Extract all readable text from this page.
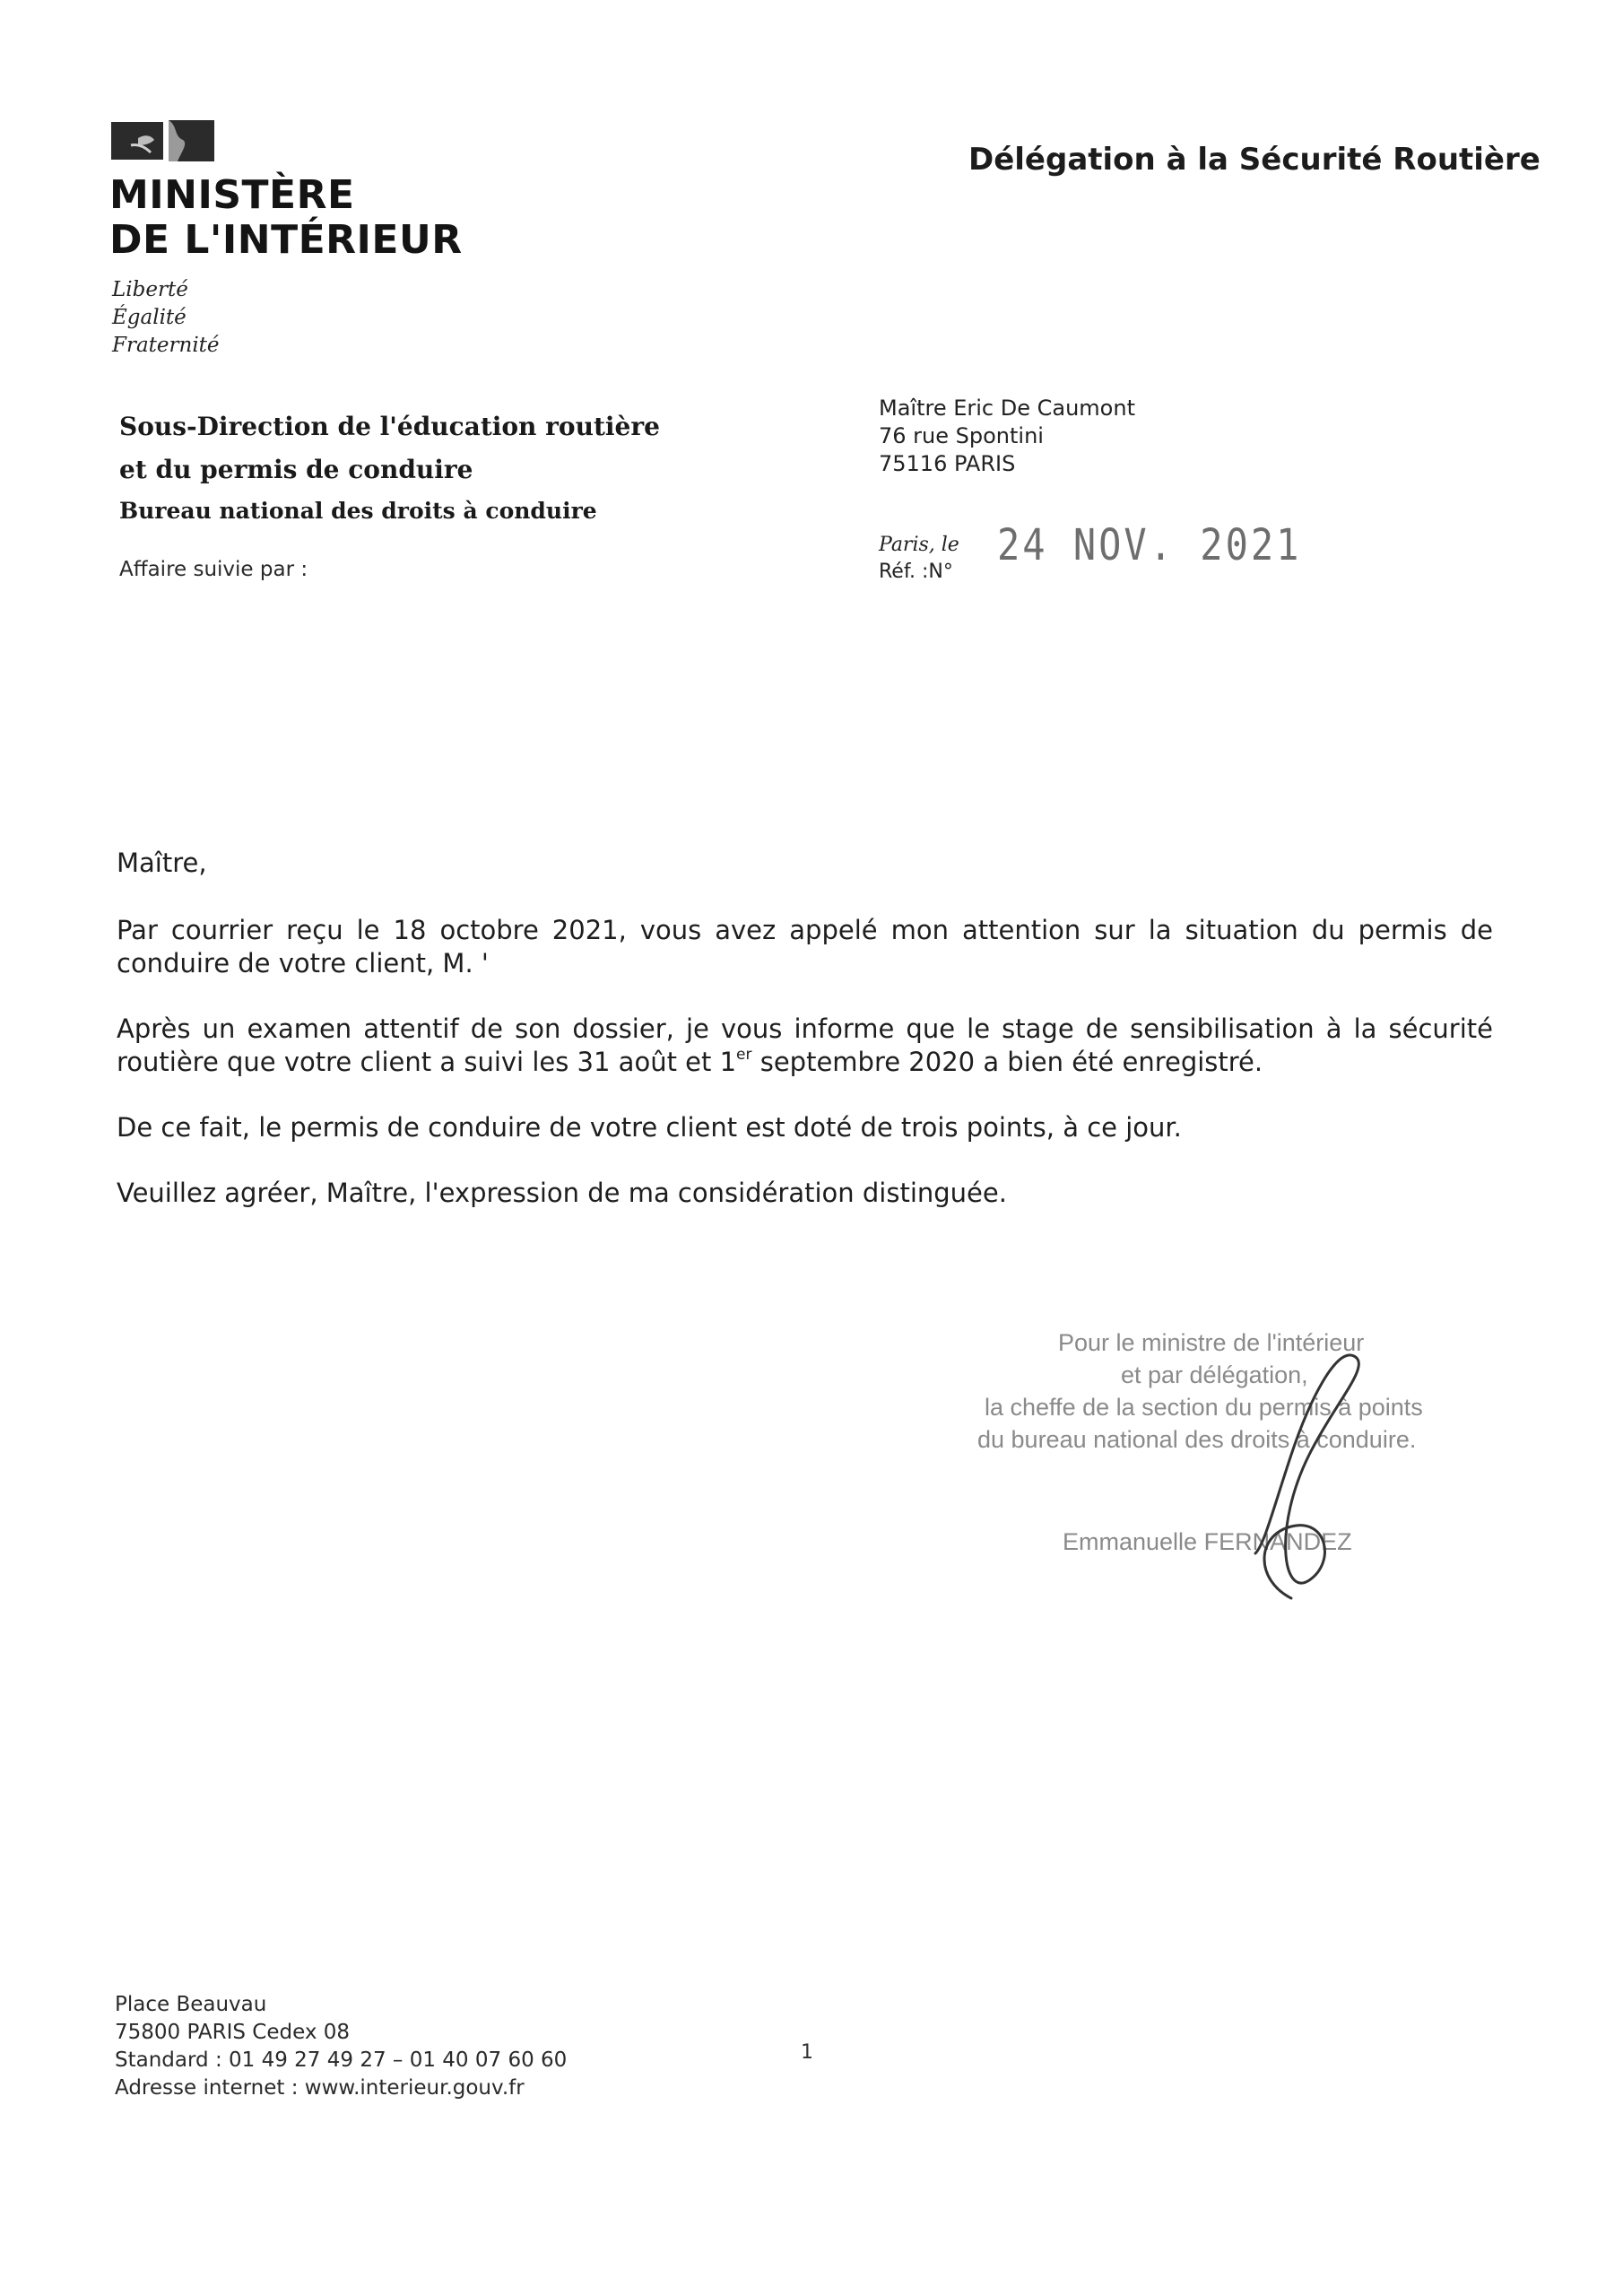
MINISTÈRE
DE L'INTÉRIEUR
Liberté
Égalité
Fraternité
Délégation à la Sécurité Routière
Sous-Direction de l'éducation routière
et du permis de conduire
Bureau national des droits à conduire
Affaire suivie par :
Maître Eric De Caumont
76 rue Spontini
75116 PARIS
Paris, le
Réf. :N°
24 NOV. 2021

Maître,

Par courrier reçu le 18 octobre 2021, vous avez appelé mon attention sur la situation du permis de conduire de votre client, M. '

Après un examen attentif de son dossier, je vous informe que le stage de sensibilisation à la sécurité routière que votre client a suivi les 31 août et 1er septembre 2020 a bien été enregistré.

De ce fait, le permis de conduire de votre client est doté de trois points, à ce jour.

Veuillez agréer, Maître, l'expression de ma considération distinguée.

Pour le ministre de l'intérieur
et par délégation,
la cheffe de la section du permis à points
du bureau national des droits à conduire.
Emmanuelle FERNANDEZ
Place Beauvau
75800 PARIS Cedex 08
Standard : 01 49 27 49 27 – 01 40 07 60 60
Adresse internet : www.interieur.gouv.fr
1
